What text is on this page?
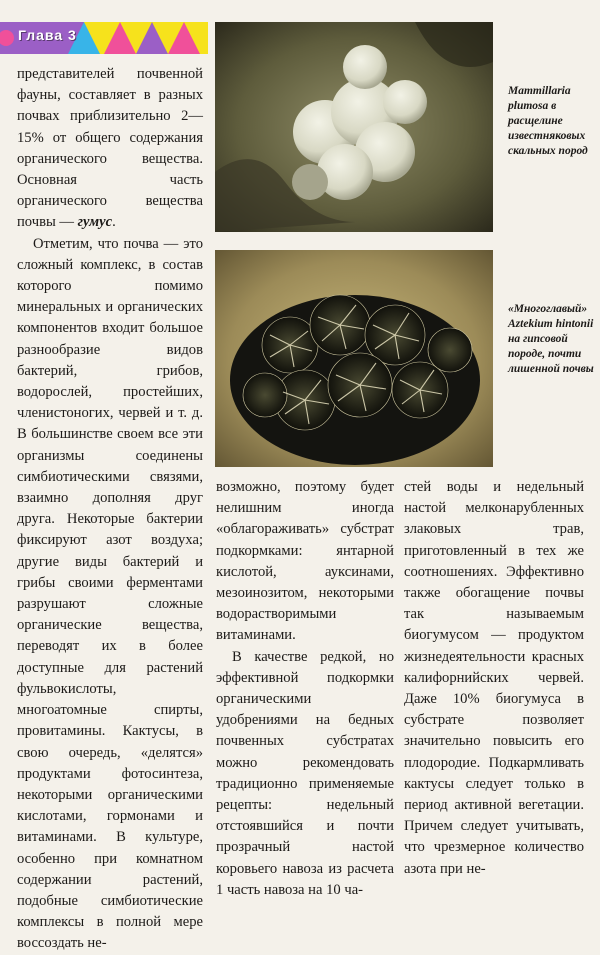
Глава 3

представителей почвенной фауны, составляет в разных почвах приблизительно 2—15% от общего содержания органического вещества. Основная часть органического вещества почвы — гумус.

Отметим, что почва — это сложный комплекс, в состав которого помимо минеральных и органических компонентов входит большое разнообразие видов бактерий, грибов, водорослей, простейших, членистоногих, червей и т. д. В большинстве своем все эти организмы соединены симбиотическими связями, взаимно дополняя друг друга. Некоторые бактерии фиксируют азот воздуха; другие виды бактерий и грибы своими ферментами разрушают сложные органические вещества, переводят их в более доступные для растений фульвокислоты, многоатомные спирты, провитамины. Кактусы, в свою очередь, «делятся» продуктами фотосинтеза, некоторыми органическими кислотами, гормонами и витаминами. В культуре, особенно при комнатном содержании растений, подобные симбиотические комплексы в полной мере воссоздать не-

Mammillaria plumosa в расщелине известняковых скальных пород
«Многоглавый» Aztekium hintonii на гипсовой породе, почти лишенной почвы

возможно, поэтому будет нелишним иногда «облагораживать» субстрат подкормками: янтарной кислотой, ауксинами, мезоинозитом, некоторыми водорастворимыми витаминами.

В качестве редкой, но эффективной подкормки органическими удобрениями на бедных почвенных субстратах можно рекомендовать традиционно применяемые рецепты: недельный отстоявшийся и почти прозрачный настой коровьего навоза из расчета 1 часть навоза на 10 ча-

стей воды и недельный настой мелконарубленных злаковых трав, приготовленный в тех же соотношениях. Эффективно также обогащение почвы так называемым биогумусом — продуктом жизнедеятельности красных калифорнийских червей. Даже 10% биогумуса в субстрате позволяет значительно повысить его плодородие. Подкармливать кактусы следует только в период активной вегетации. Причем следует учитывать, что чрезмерное количество азота при не-
